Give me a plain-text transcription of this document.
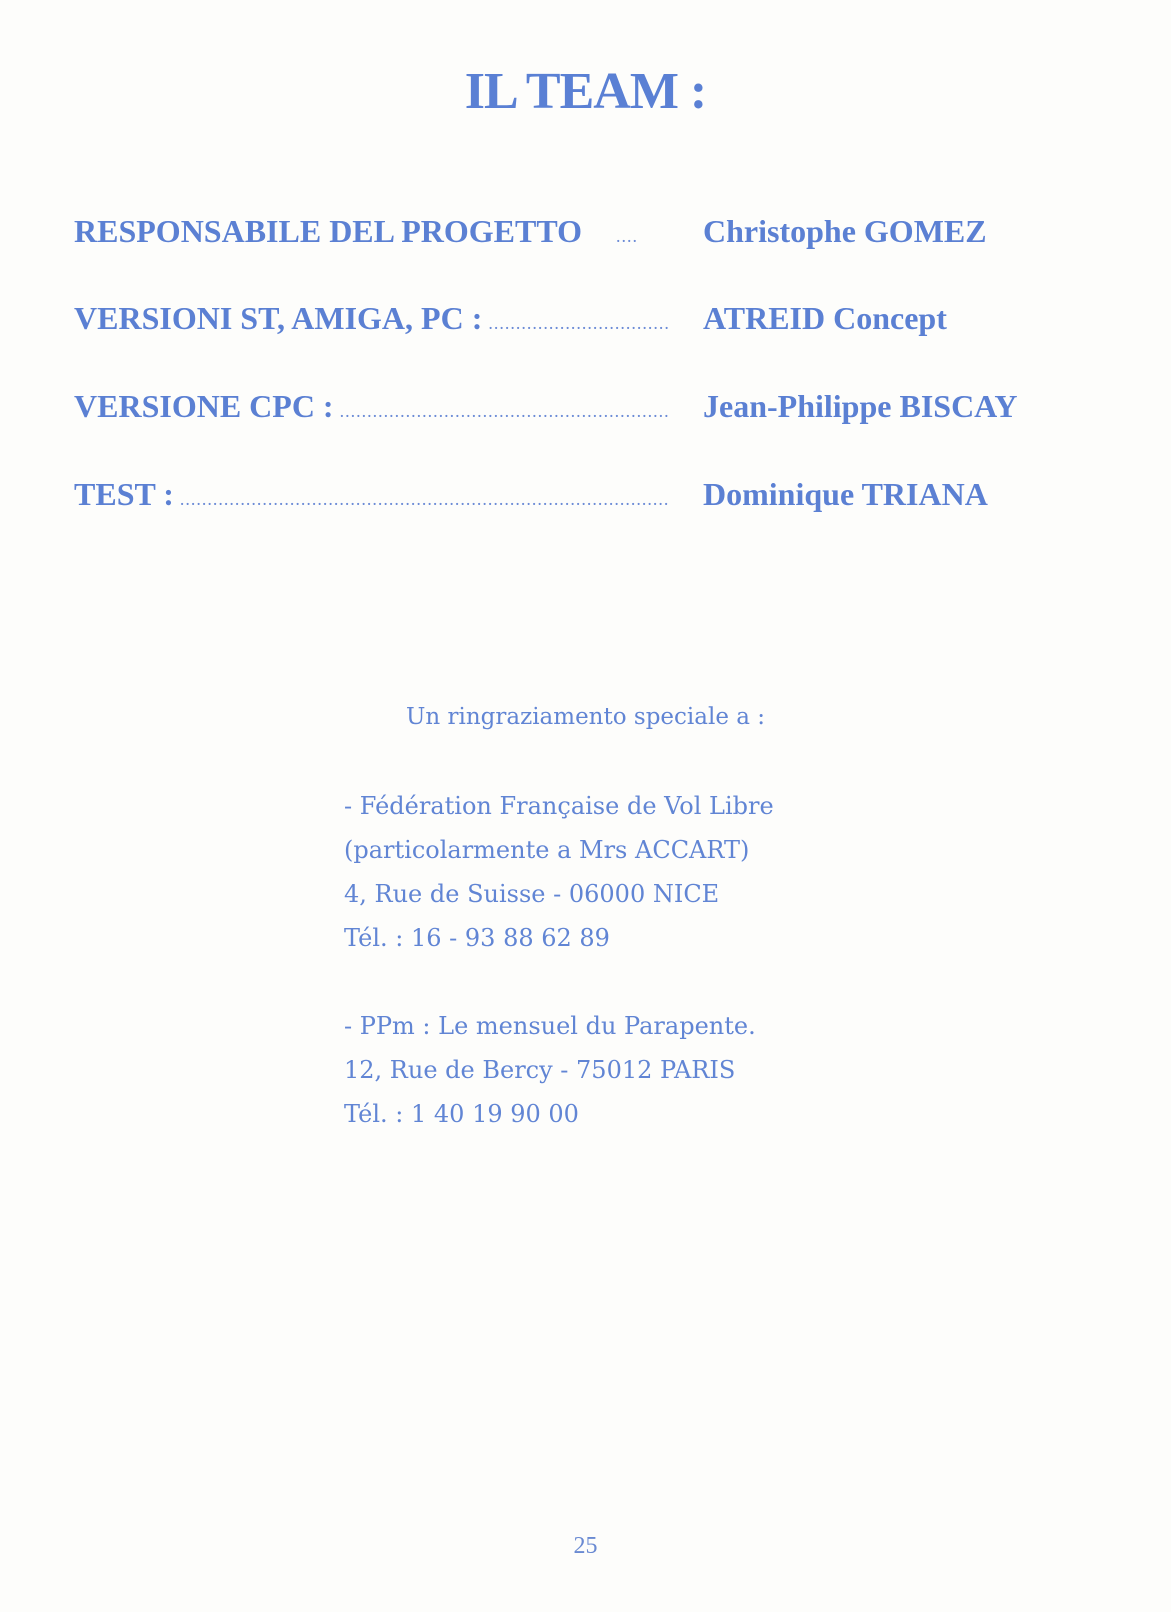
IL TEAM :
RESPONSABILE DEL PROGETTO ....	Christophe GOMEZ
VERSIONI ST, AMIGA, PC : .....	ATREID Concept
VERSIONE CPC : .....	Jean-Philippe BISCAY
TEST : .....	Dominique TRIANA
Un ringraziamento speciale a :
- Fédération Française de Vol Libre
(particolarmente a Mrs ACCART)
4, Rue de Suisse - 06000 NICE
Tél. : 16 - 93 88 62 89
- PPm : Le mensuel du Parapente.
12, Rue de Bercy - 75012 PARIS
Tél. : 1 40 19 90 00
25
